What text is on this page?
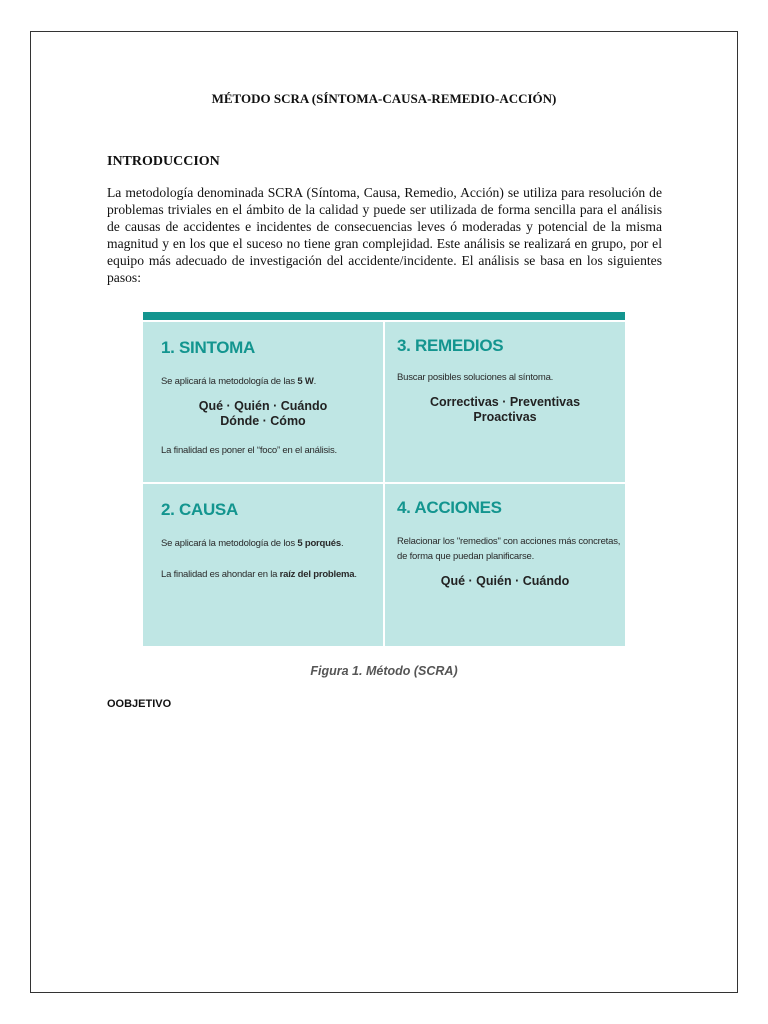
MÉTODO SCRA (SÍNTOMA-CAUSA-REMEDIO-ACCIÓN)
INTRODUCCION

La metodología denominada SCRA (Síntoma, Causa, Remedio, Acción) se utiliza para resolución de problemas triviales en el ámbito de la calidad y puede ser utilizada de forma sencilla para el análisis de causas de accidentes e incidentes de consecuencias leves ó moderadas y potencial de la misma magnitud y en los que el suceso no tiene gran complejidad. Este análisis se realizará en grupo, por el equipo más adecuado de investigación del accidente/incidente. El análisis se basa en los siguientes pasos:

1. SINTOMA
Se aplicará la metodología de las 5 W.
Qué · Quién · Cuándo
Dónde · Cómo
La finalidad es poner el “foco” en el análisis.
3. REMEDIOS
Buscar posibles soluciones al síntoma.
Correctivas · Preventivas
Proactivas
2. CAUSA
Se aplicará la metodología de los 5 porqués.
La finalidad es ahondar en la raíz del problema.
4. ACCIONES
Relacionar los "remedios" con acciones más concretas,
de forma que puedan planificarse.
Qué · Quién · Cuándo
Figura 1. Método (SCRA)
OOBJETIVO
